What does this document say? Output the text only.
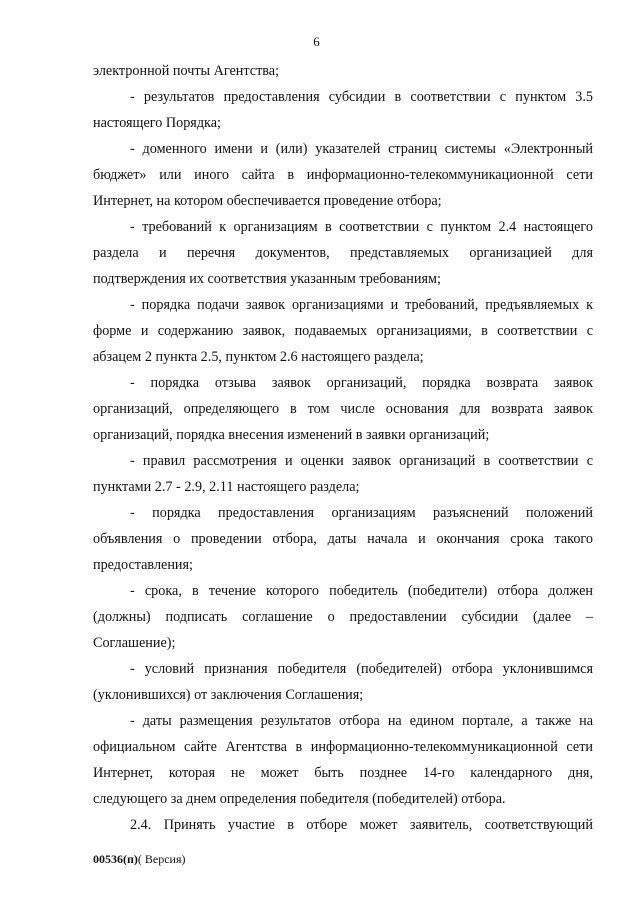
6
электронной почты Агентства;
- результатов предоставления субсидии в соответствии с пунктом 3.5
настоящего Порядка;
- доменного имени и (или) указателей страниц системы «Электронный
бюджет» или иного сайта в информационно-телекоммуникационной сети
Интернет, на котором обеспечивается проведение отбора;
- требований к организациям в соответствии с пунктом 2.4 настоящего
раздела и перечня документов, представляемых организацией для
подтверждения их соответствия указанным требованиям;
- порядка подачи заявок организациями и требований, предъявляемых к
форме и содержанию заявок, подаваемых организациями, в соответствии с
абзацем 2 пункта 2.5, пунктом 2.6 настоящего раздела;
- порядка отзыва заявок организаций, порядка возврата заявок
организаций, определяющего в том числе основания для возврата заявок
организаций, порядка внесения изменений в заявки организаций;
- правил рассмотрения и оценки заявок организаций в соответствии с
пунктами 2.7 - 2.9, 2.11 настоящего раздела;
- порядка предоставления организациям разъяснений положений
объявления о проведении отбора, даты начала и окончания срока такого
предоставления;
- срока, в течение которого победитель (победители) отбора должен
(должны) подписать соглашение о предоставлении субсидии (далее –
Соглашение);
- условий признания победителя (победителей) отбора уклонившимся
(уклонившихся) от заключения Соглашения;
- даты размещения результатов отбора на едином портале, а также на
официальном сайте Агентства в информационно-телекоммуникационной сети
Интернет, которая не может быть позднее 14-го календарного дня,
следующего за днем определения победителя (победителей) отбора.
2.4. Принять участие в отборе может заявитель, соответствующий
00536(п)( Версия)
